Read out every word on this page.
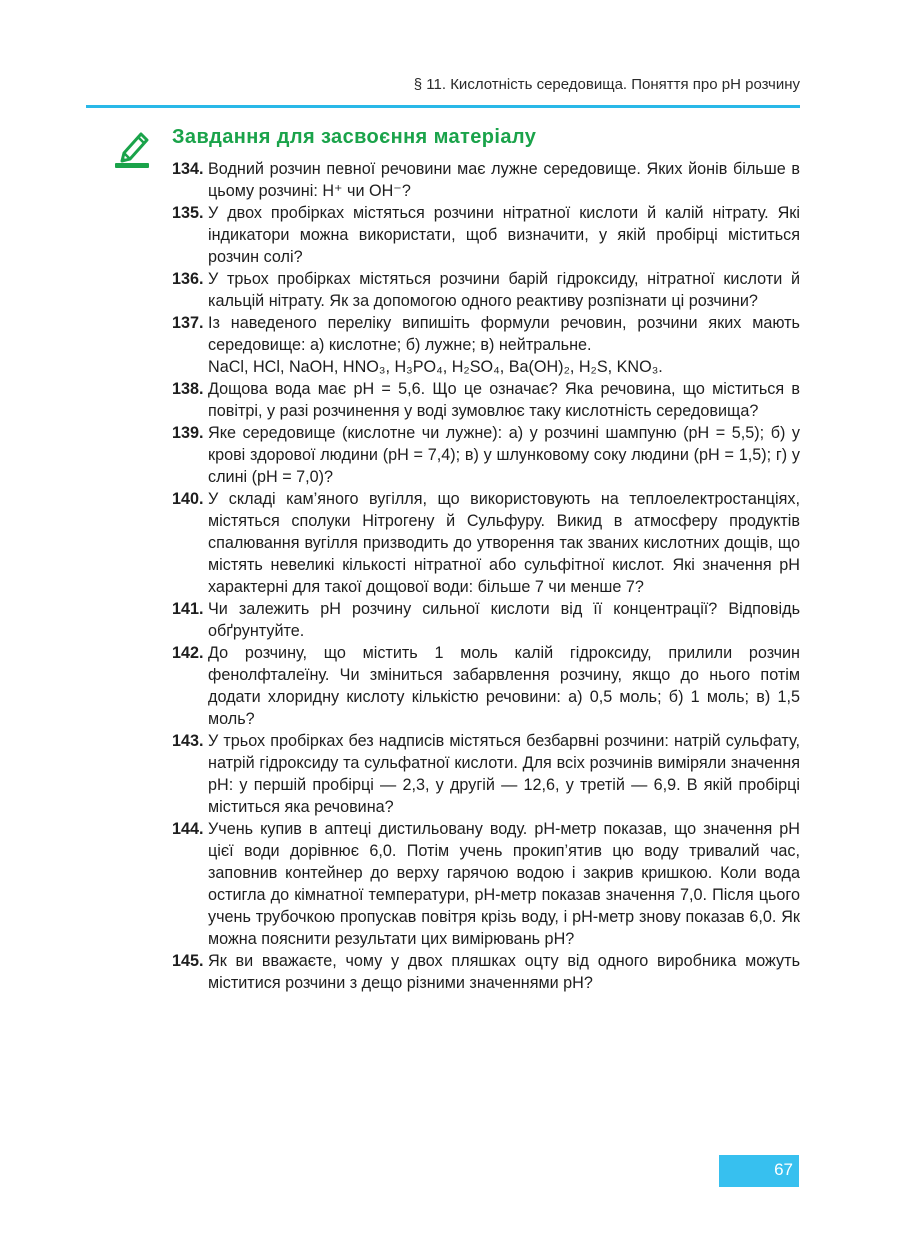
§ 11. Кислотність середовища. Поняття про pH розчину
Завдання для засвоєння матеріалу
134. Водний розчин певної речовини має лужне середовище. Яких йонів більше в цьому розчині: H⁺ чи OH⁻?
135. У двох пробірках містяться розчини нітратної кислоти й калій нітрату. Які індикатори можна використати, щоб визначити, у якій пробірці міститься розчин солі?
136. У трьох пробірках містяться розчини барій гідроксиду, нітратної кислоти й кальцій нітрату. Як за допомогою одного реактиву розпізнати ці розчини?
137. Із наведеного переліку випишіть формули речовин, розчини яких мають середовище: а) кислотне; б) лужне; в) нейтральне.
NaCl, HCl, NaOH, HNO₃, H₃PO₄, H₂SO₄, Ba(OH)₂, H₂S, KNO₃.
138. Дощова вода має pH = 5,6. Що це означає? Яка речовина, що міститься в повітрі, у разі розчинення у воді зумовлює таку кислотність середовища?
139. Яке середовище (кислотне чи лужне): а) у розчині шампуню (pH = 5,5); б) у крові здорової людини (pH = 7,4); в) у шлунковому соку людини (pH = 1,5); г) у слині (pH = 7,0)?
140. У складі кам’яного вугілля, що використовують на теплоелектростанціях, містяться сполуки Нітрогену й Сульфуру. Викид в атмосферу продуктів спалювання вугілля призводить до утворення так званих кислотних дощів, що містять невеликі кількості нітратної або сульфітної кислот. Які значення pH характерні для такої дощової води: більше 7 чи менше 7?
141. Чи залежить pH розчину сильної кислоти від її концентрації? Відповідь обґрунтуйте.
142. До розчину, що містить 1 моль калій гідроксиду, прилили розчин фенолфталеїну. Чи зміниться забарвлення розчину, якщо до нього потім додати хлоридну кислоту кількістю речовини: а) 0,5 моль; б) 1 моль; в) 1,5 моль?
143. У трьох пробірках без надписів містяться безбарвні розчини: натрій сульфату, натрій гідроксиду та сульфатної кислоти. Для всіх розчинів виміряли значення pH: у першій пробірці — 2,3, у другій — 12,6, у третій — 6,9. В якій пробірці міститься яка речовина?
144. Учень купив в аптеці дистильовану воду. pH-метр показав, що значення pH цієї води дорівнює 6,0. Потім учень прокип’ятив цю воду тривалий час, заповнив контейнер до верху гарячою водою і закрив кришкою. Коли вода остигла до кімнатної температури, pH-метр показав значення 7,0. Після цього учень трубочкою пропускав повітря крізь воду, і pH-метр знову показав 6,0. Як можна пояснити результати цих вимірювань pH?
145. Як ви вважаєте, чому у двох пляшках оцту від одного виробника можуть міститися розчини з дещо різними значеннями pH?
67
